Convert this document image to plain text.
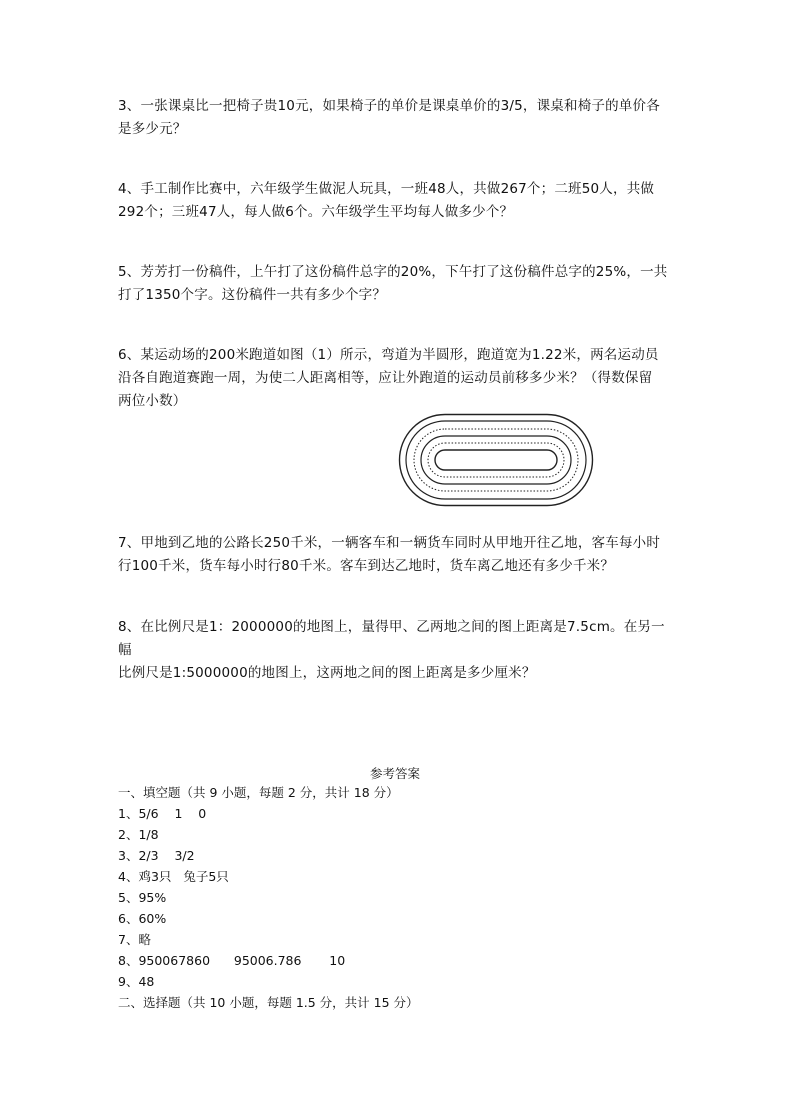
3、一张课桌比一把椅子贵10元，如果椅子的单价是课桌单价的3/5，课桌和椅子的单价各

是多少元？

4、手工制作比赛中，六年级学生做泥人玩具，一班48人，共做267个；二班50人，共做

292个；三班47人，每人做6个。六年级学生平均每人做多少个？

5、芳芳打一份稿件，上午打了这份稿件总字的20%，下午打了这份稿件总字的25%，一共

打了1350个字。这份稿件一共有多少个字？

6、某运动场的200米跑道如图（1）所示，弯道为半圆形，跑道宽为1.22米，两名运动员

沿各自跑道赛跑一周，为使二人距离相等，应让外跑道的运动员前移多少米？（得数保留

两位小数）

7、甲地到乙地的公路长250千米，一辆客车和一辆货车同时从甲地开往乙地，客车每小时

行100千米，货车每小时行80千米。客车到达乙地时，货车离乙地还有多少千米？

8、在比例尺是1：2000000的地图上，量得甲、乙两地之间的图上距离是7.5cm。在另一幅

比例尺是1:5000000的地图上，这两地之间的图上距离是多少厘米？

参考答案
一、填空题（共 9 小题，每题 2 分，共计 18 分）
1、5/6    1    0
2、1/8
3、2/3    3/2
4、鸡3只   兔子5只
5、95%
6、60%
7、略
8、950067860      95006.786       10
9、48
二、选择题（共 10 小题，每题 1.5 分，共计 15 分）
